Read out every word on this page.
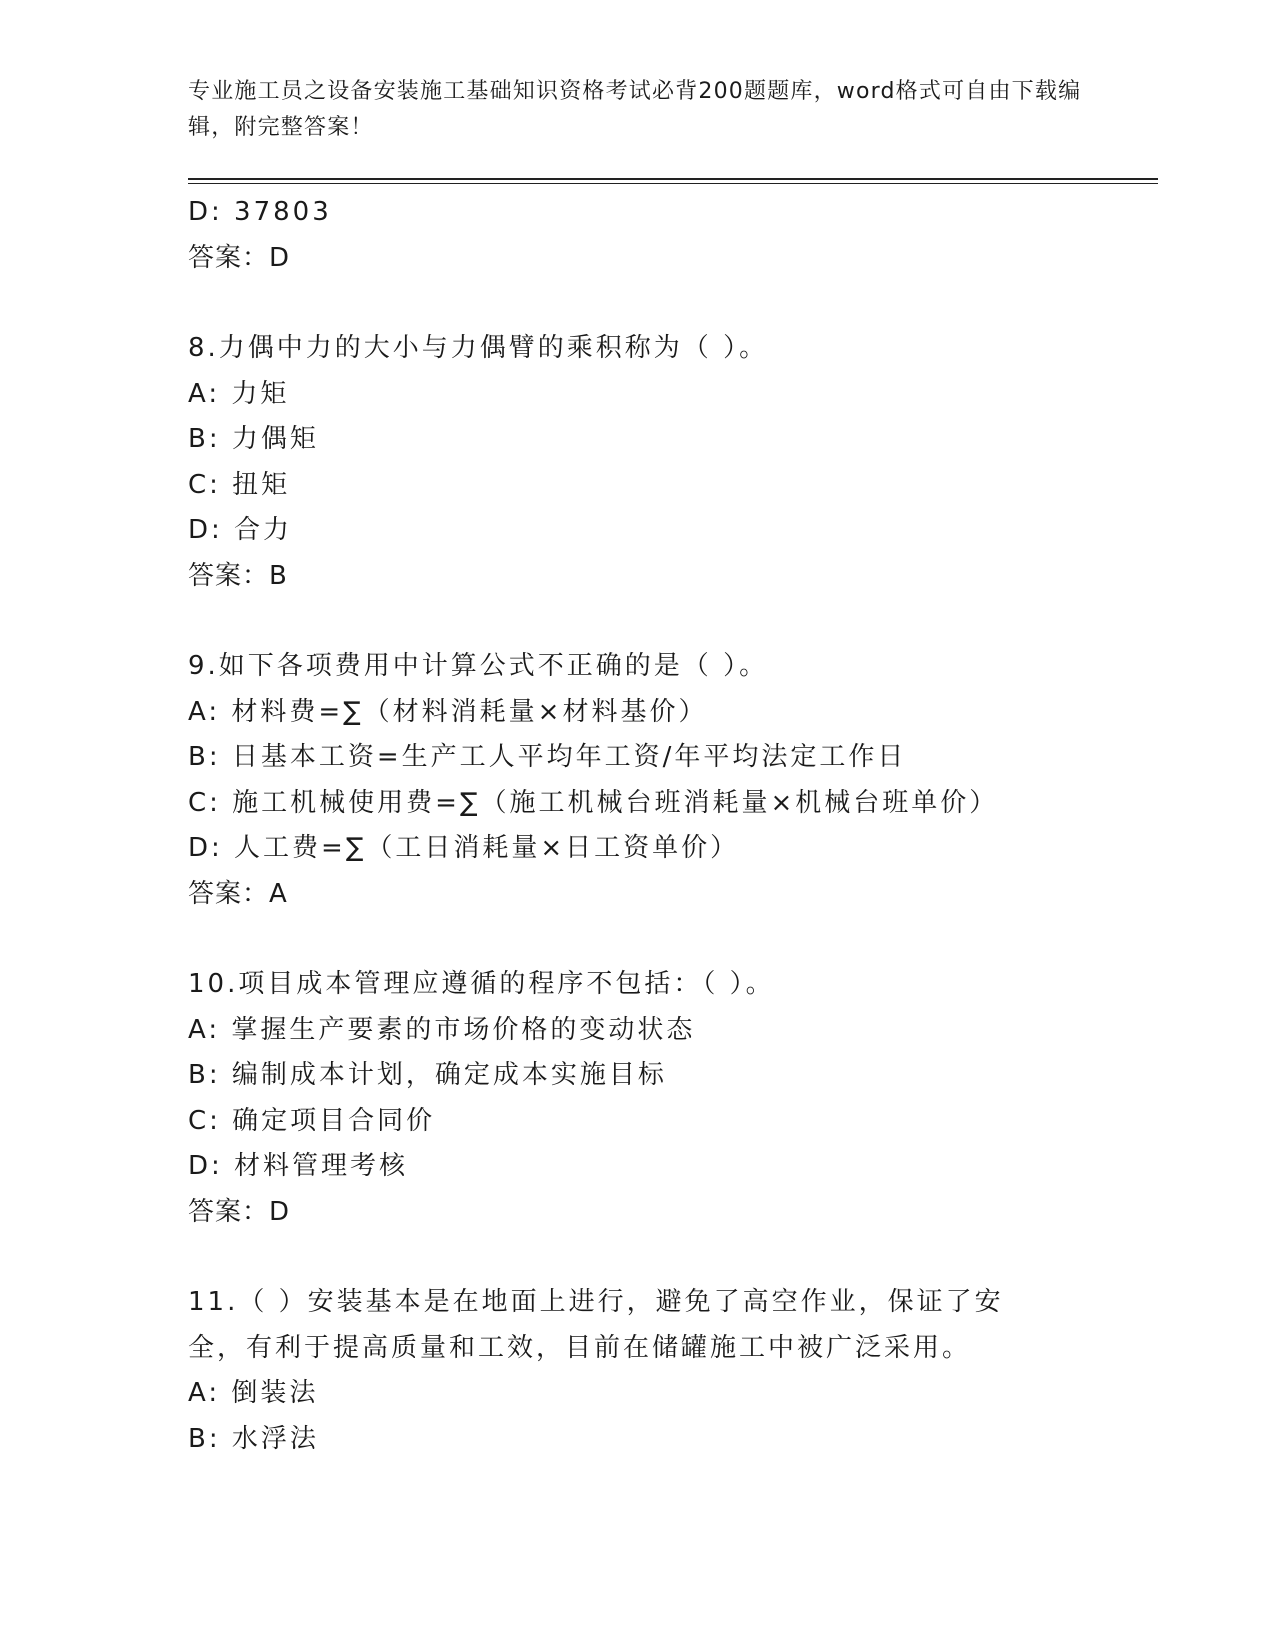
专业施工员之设备安装施工基础知识资格考试必背200题题库，word格式可自由下载编辑，附完整答案！
D: 37803
答案：D
8.力偶中力的大小与力偶臂的乘积称为（ ）。
A: 力矩
B: 力偶矩
C: 扭矩
D: 合力
答案：B
9.如下各项费用中计算公式不正确的是（ ）。
A: 材料费=∑（材料消耗量×材料基价）
B: 日基本工资=生产工人平均年工资/年平均法定工作日
C: 施工机械使用费=∑（施工机械台班消耗量×机械台班单价）
D: 人工费=∑（工日消耗量×日工资单价）
答案：A
10.项目成本管理应遵循的程序不包括：（ ）。
A: 掌握生产要素的市场价格的变动状态
B: 编制成本计划，确定成本实施目标
C: 确定项目合同价
D: 材料管理考核
答案：D
11.（ ）安装基本是在地面上进行，避免了高空作业，保证了安全，有利于提高质量和工效，目前在储罐施工中被广泛采用。
A: 倒装法
B: 水浮法
